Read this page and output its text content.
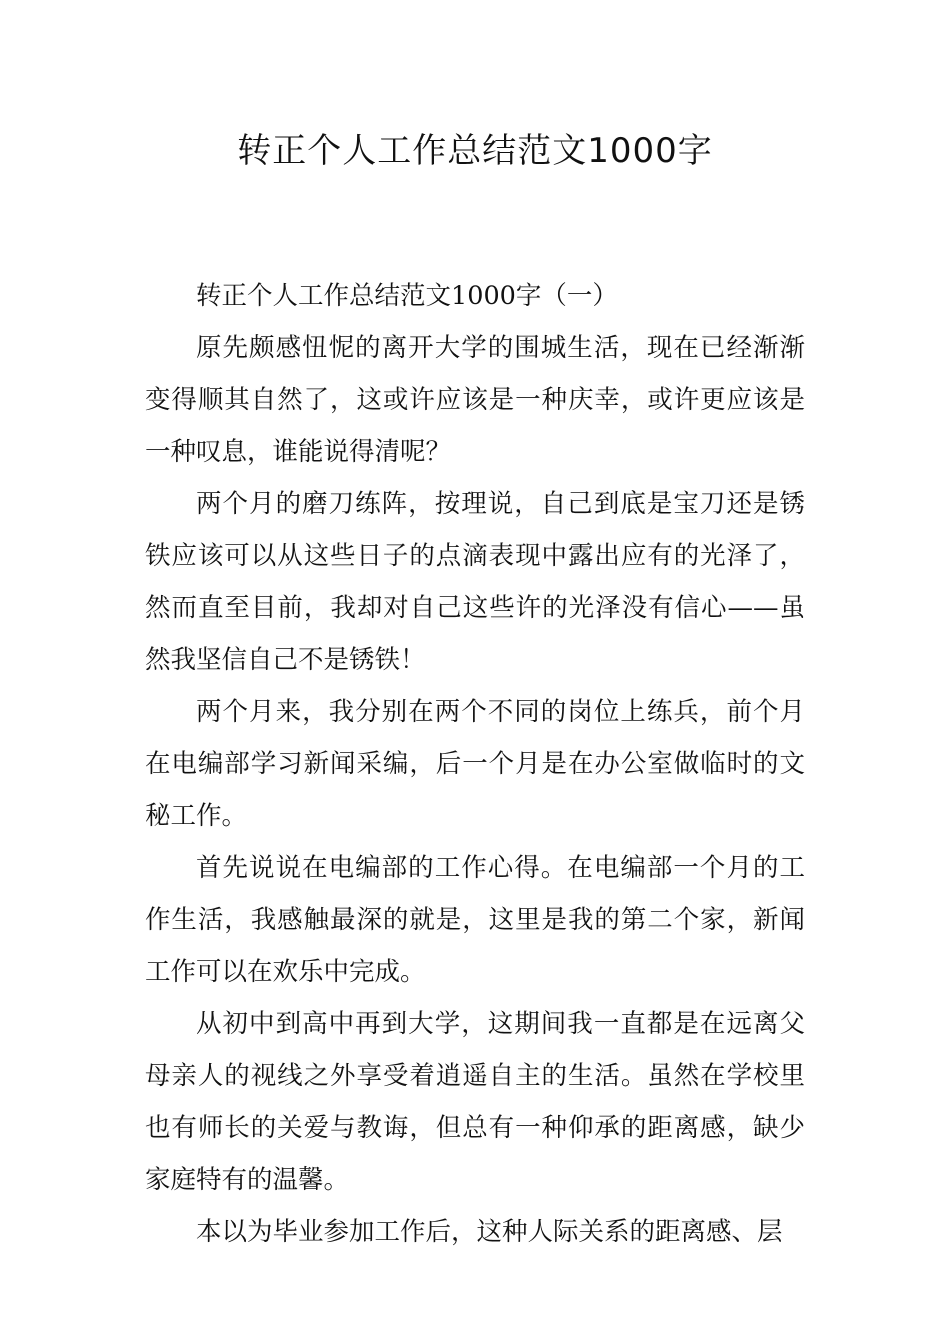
转正个人工作总结范文1000字

转正个人工作总结范文1000字（一）

原先颇感忸怩的离开大学的围城生活，现在已经渐渐变得顺其自然了，这或许应该是一种庆幸，或许更应该是一种叹息，谁能说得清呢？

两个月的磨刀练阵，按理说，自己到底是宝刀还是锈铁应该可以从这些日子的点滴表现中露出应有的光泽了，然而直至目前，我却对自己这些许的光泽没有信心——虽然我坚信自己不是锈铁！

两个月来，我分别在两个不同的岗位上练兵，前个月在电编部学习新闻采编，后一个月是在办公室做临时的文秘工作。

首先说说在电编部的工作心得。在电编部一个月的工作生活，我感触最深的就是，这里是我的第二个家，新闻工作可以在欢乐中完成。

从初中到高中再到大学，这期间我一直都是在远离父母亲人的视线之外享受着逍遥自主的生活。虽然在学校里也有师长的关爱与教诲，但总有一种仰承的距离感，缺少家庭特有的温馨。

本以为毕业参加工作后，这种人际关系的距离感、层
